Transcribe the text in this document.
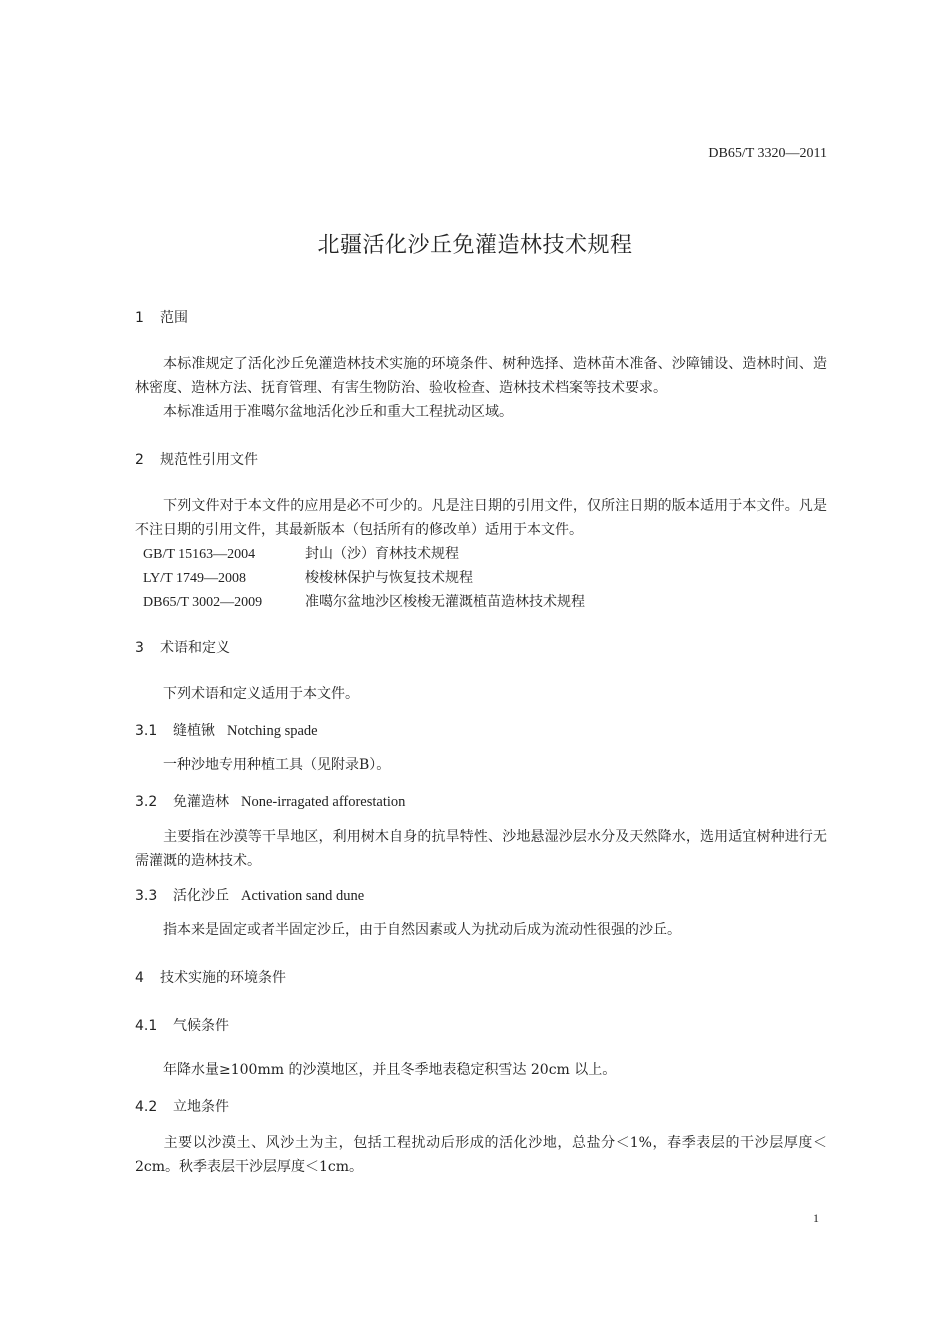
DB65/T 3320—2011
北疆活化沙丘免灌造林技术规程
1 范围
本标准规定了活化沙丘免灌造林技术实施的环境条件、树种选择、造林苗木准备、沙障铺设、造林时间、造林密度、造林方法、抚育管理、有害生物防治、验收检查、造林技术档案等技术要求。
本标准适用于准噶尔盆地活化沙丘和重大工程扰动区域。
2 规范性引用文件
下列文件对于本文件的应用是必不可少的。凡是注日期的引用文件，仅所注日期的版本适用于本文件。凡是不注日期的引用文件，其最新版本（包括所有的修改单）适用于本文件。
GB/T 15163—2004	封山（沙）育林技术规程
LY/T 1749—2008	梭梭林保护与恢复技术规程
DB65/T 3002—2009	准噶尔盆地沙区梭梭无灌溉植苗造林技术规程
3 术语和定义
下列术语和定义适用于本文件。
3.1 缝植锹 Notching spade
一种沙地专用种植工具（见附录B）。
3.2 免灌造林 None-irragated afforestation
主要指在沙漠等干旱地区，利用树木自身的抗旱特性、沙地悬湿沙层水分及天然降水，选用适宜树种进行无需灌溉的造林技术。
3.3 活化沙丘 Activation sand dune
指本来是固定或者半固定沙丘，由于自然因素或人为扰动后成为流动性很强的沙丘。
4 技术实施的环境条件
4.1 气候条件
年降水量≥100mm 的沙漠地区，并且冬季地表稳定积雪达 20cm 以上。
4.2 立地条件
主要以沙漠土、风沙土为主，包括工程扰动后形成的活化沙地，总盐分＜1%，春季表层的干沙层厚度＜2cm。秋季表层干沙层厚度＜1cm。
1
